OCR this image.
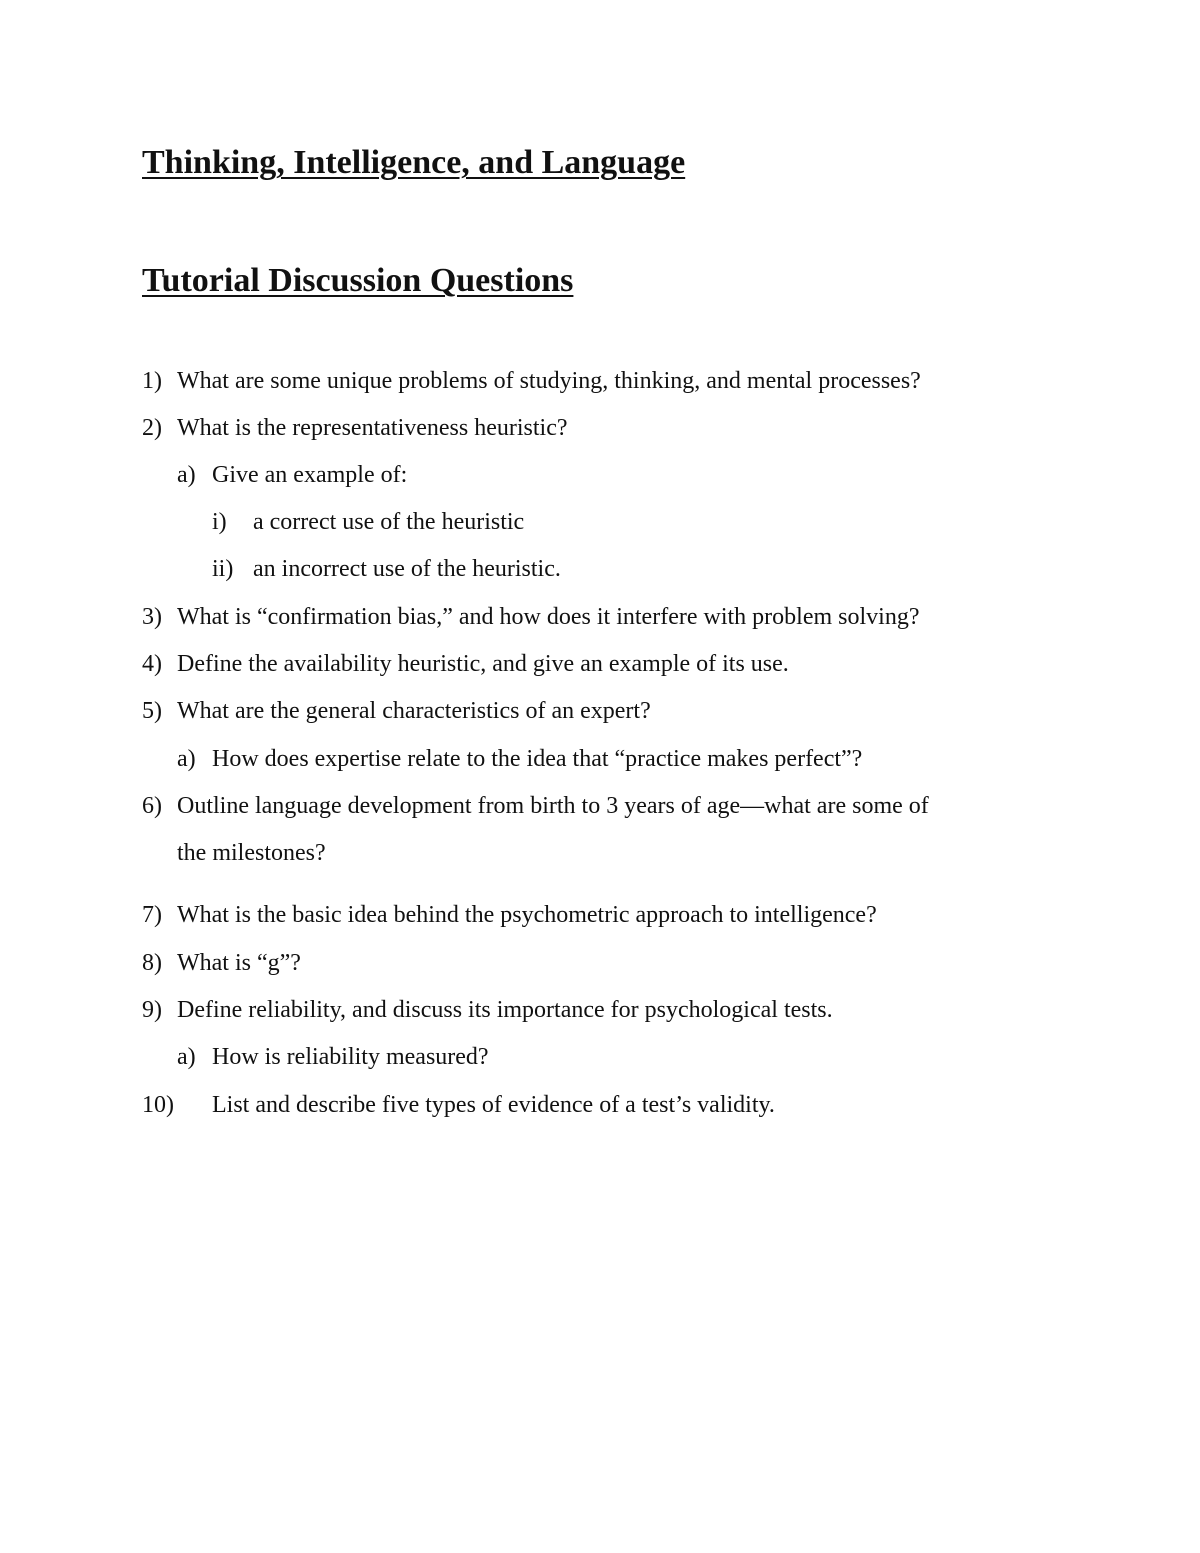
Thinking, Intelligence, and Language
Tutorial Discussion Questions
1) What are some unique problems of studying, thinking, and mental processes?
2) What is the representativeness heuristic?
a) Give an example of:
i) a correct use of the heuristic
ii) an incorrect use of the heuristic.
3) What is “confirmation bias,” and how does it interfere with problem solving?
4) Define the availability heuristic, and give an example of its use.
5) What are the general characteristics of an expert?
a) How does expertise relate to the idea that “practice makes perfect”?
6) Outline language development from birth to 3 years of age—what are some of
the milestones?
7) What is the basic idea behind the psychometric approach to intelligence?
8) What is “g”?
9) Define reliability, and discuss its importance for psychological tests.
a) How is reliability measured?
10) List and describe five types of evidence of a test’s validity.
